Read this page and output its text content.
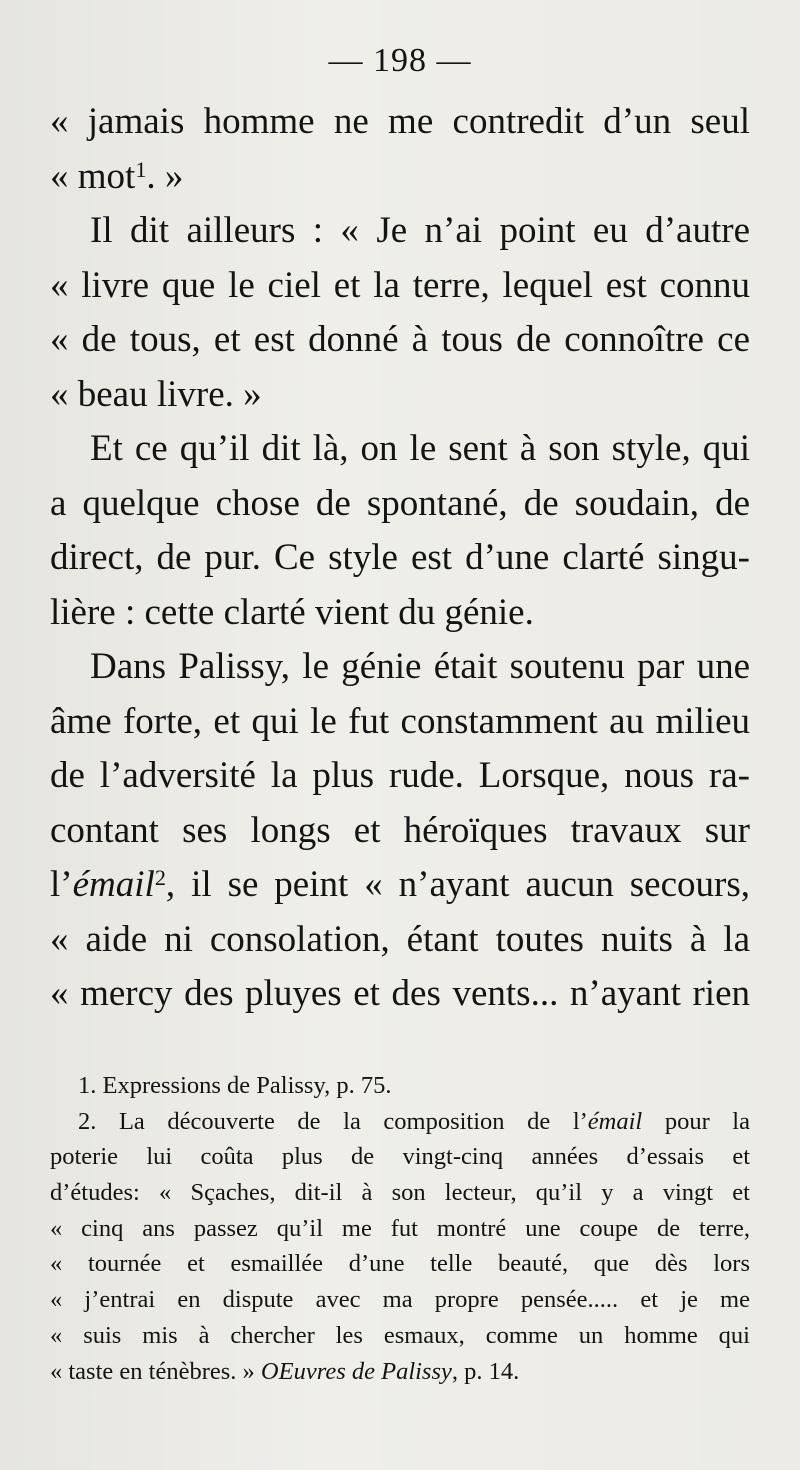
— 198 —
« jamais homme ne me contredit d’un seul
« mot$^1$. »
Il dit ailleurs : « Je n’ai point eu d’autre
« livre que le ciel et la terre, lequel est connu
« de tous, et est donné à tous de connoître ce
« beau livre. »
Et ce qu’il dit là, on le sent à son style, qui
a quelque chose de spontané, de soudain, de
direct, de pur. Ce style est d’une clarté singu-
lière : cette clarté vient du génie.
Dans Palissy, le génie était soutenu par une
âme forte, et qui le fut constamment au milieu
de l’adversité la plus rude. Lorsque, nous ra-
contant ses longs et héroïques travaux sur
l’émail$^2$, il se peint « n’ayant aucun secours,
« aide ni consolation, étant toutes nuits à la
« mercy des pluyes et des vents... n’ayant rien
1. Expressions de Palissy, p. 75.
2. La découverte de la composition de l’émail pour la
poterie lui coûta plus de vingt-cinq années d’essais et
d’études: « Sçaches, dit-il à son lecteur, qu’il y a vingt et
« cinq ans passez qu’il me fut montré une coupe de terre,
« tournée et esmaillée d’une telle beauté, que dès lors
« j’entrai en dispute avec ma propre pensée..... et je me
« suis mis à chercher les esmaux, comme un homme qui
« taste en ténèbres. » OEuvres de Palissy, p. 14.
